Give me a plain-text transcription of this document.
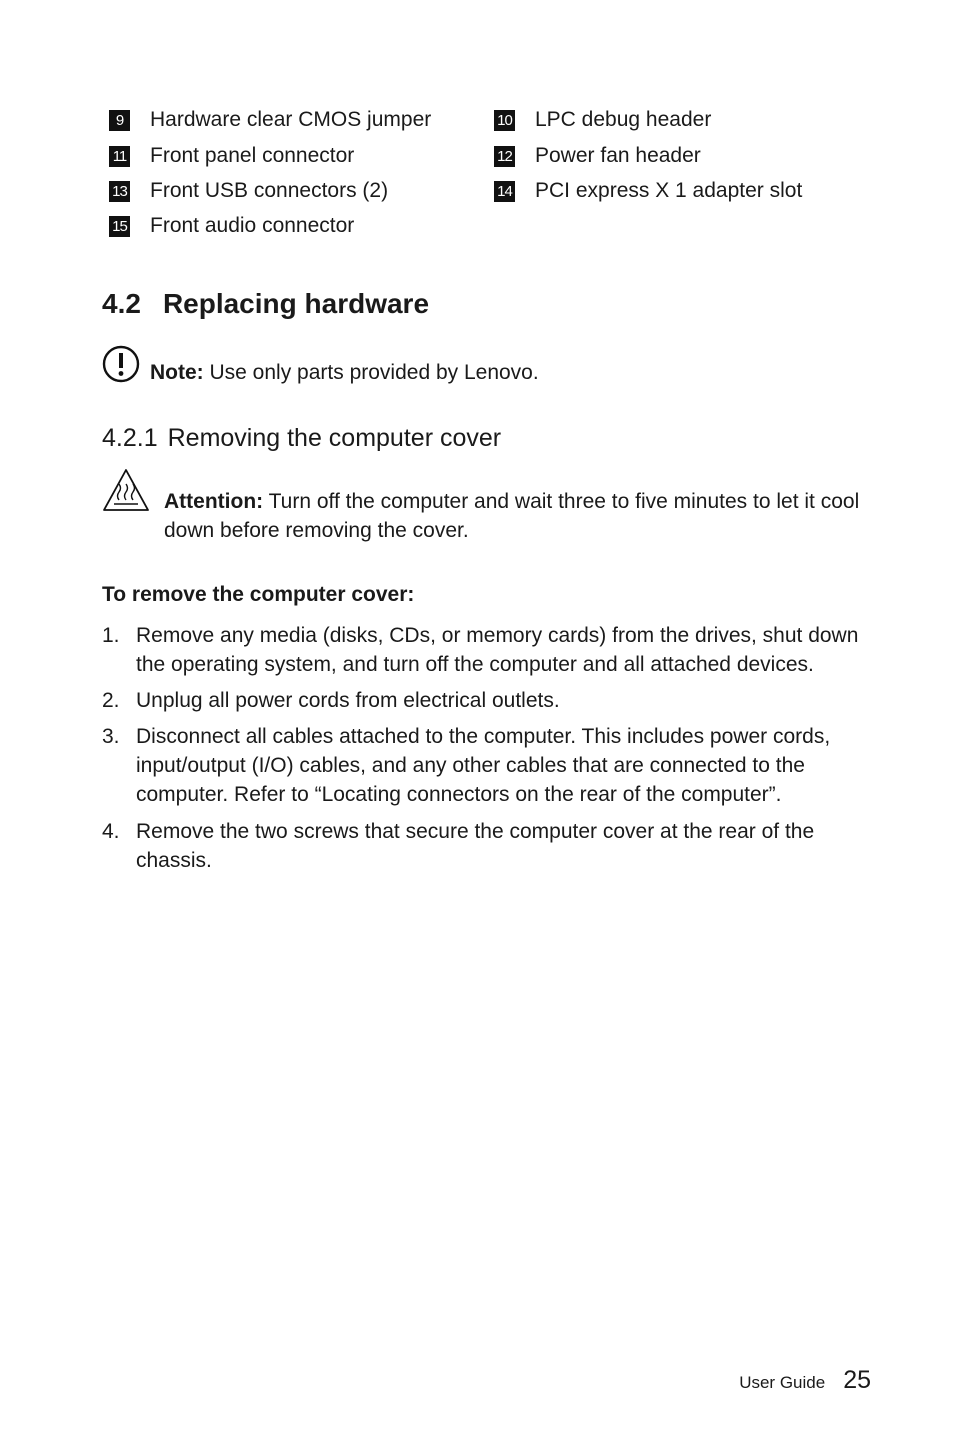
9	Hardware clear CMOS jumper	10 LPC debug header
11 Front panel connector	12 Power fan header
13 Front USB connectors (2)	14 PCI express X 1 adapter slot
15 Front audio connector
4.2 Replacing hardware
Note: Use only parts provided by Lenovo.
4.2.1 Removing the computer cover
Attention: Turn off the computer and wait three to five minutes to let it cool down before removing the cover.
To remove the computer cover:
1. Remove any media (disks, CDs, or memory cards) from the drives, shut down the operating system, and turn off the computer and all attached devices.
2. Unplug all power cords from electrical outlets.
3. Disconnect all cables attached to the computer. This includes power cords, input/output (I/O) cables, and any other cables that are connected to the computer. Refer to “Locating connectors on the rear of the computer”.
4. Remove the two screws that secure the computer cover at the rear of the chassis.
User Guide 25
